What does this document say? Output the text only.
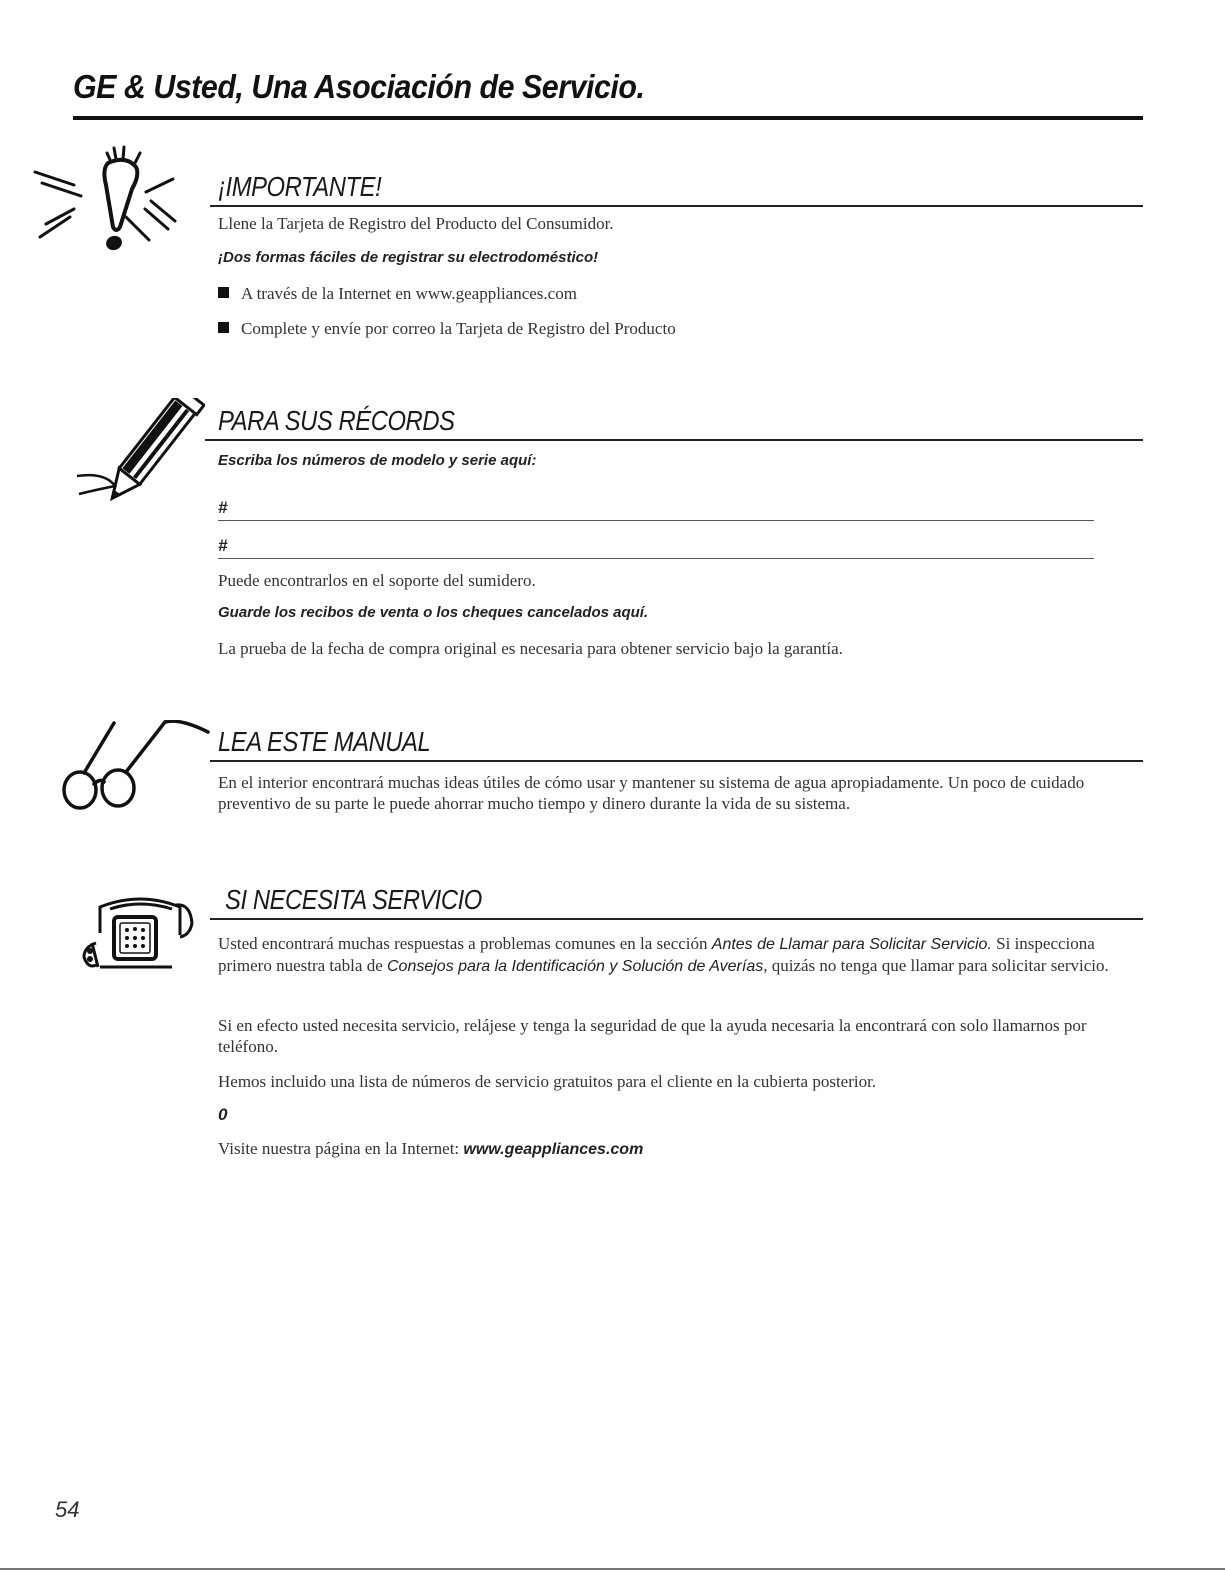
GE & Usted, Una Asociación de Servicio.
¡IMPORTANTE!
Llene la Tarjeta de Registro del Producto del Consumidor.
¡Dos formas fáciles de registrar su electrodoméstico!
A través de la Internet en www.geappliances.com
Complete y envíe por correo la Tarjeta de Registro del Producto
PARA SUS RÉCORDS
Escriba los números de modelo y serie aquí:
#
#
Puede encontrarlos en el soporte del sumidero.
Guarde los recibos de venta o los cheques cancelados aquí.
La prueba de la fecha de compra original es necesaria para obtener servicio bajo la garantía.
LEA ESTE MANUAL
En el interior encontrará muchas ideas útiles de cómo usar y mantener su sistema de agua apropiadamente. Un poco de cuidado preventivo de su parte le puede ahorrar mucho tiempo y dinero durante la vida de su sistema.
SI NECESITA SERVICIO
Usted encontrará muchas respuestas a problemas comunes en la sección Antes de Llamar para Solicitar Servicio. Si inspecciona primero nuestra tabla de Consejos para la Identificación y Solución de Averías, quizás no tenga que llamar para solicitar servicio.
Si en efecto usted necesita servicio, relájese y tenga la seguridad de que la ayuda necesaria la encontrará con solo llamarnos por teléfono.
Hemos incluido una lista de números de servicio gratuitos para el cliente en la cubierta posterior.
0
Visite nuestra página en la Internet: www.geappliances.com
54
